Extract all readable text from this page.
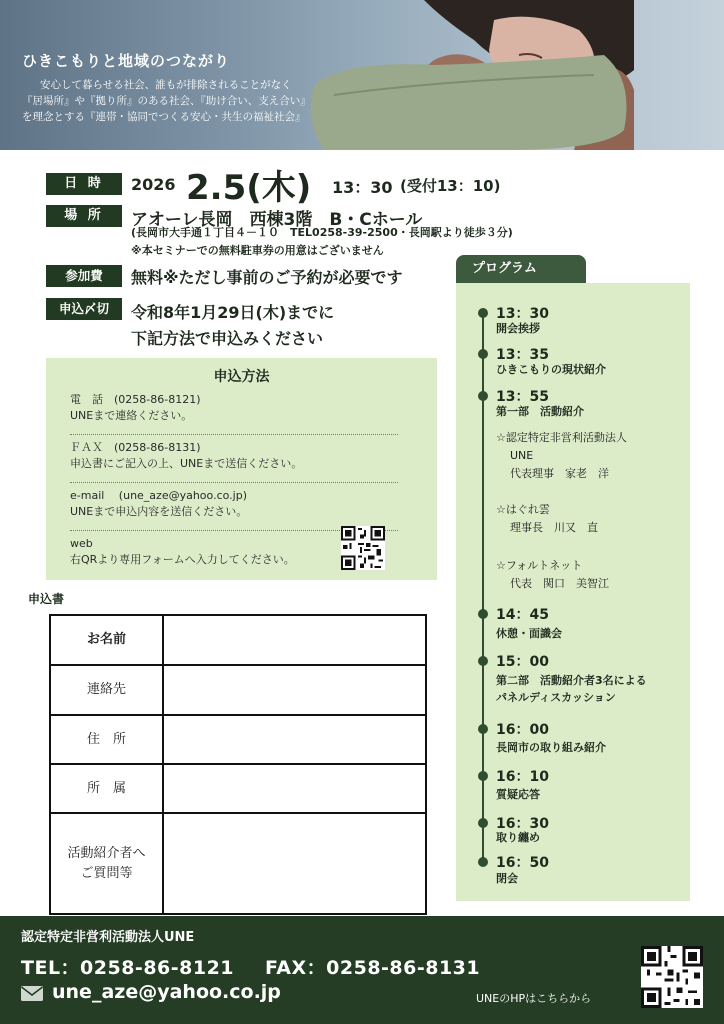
ひきこもりと地域のつながり
安心して暮らせる社会、誰もが排除されることがなく
『居場所』や『拠り所』のある社会、『助け合い、支え合い』
を理念とする『連帯・協同でつくる安心・共生の福祉社会』
日 時	2026 2.5(木) 13：30 (受付13：10)
場 所	アオーレ長岡　西棟3階　B・Cホール
(長岡市大手通１丁目４－１０　TEL0258-39-2500・長岡駅より徒歩３分)
※本セミナーでの無料駐車券の用意はございません
参加費	無料※ただし事前のご予約が必要です
申込〆切	令和8年1月29日(木)までに
下記方法で申込みください
申込方法
電　話　(0258-86-8121)
UNEまで連絡ください。
ＦＡＸ　(0258-86-8131)
申込書にご記入の上、UNEまで送信ください。
e-mail　 (une_aze@yahoo.co.jp)
UNEまで申込内容を送信ください。
web
右QRより専用フォームへ入力してください。
申込書
お名前
連絡先
住　所
所　属
活動紹介者へ
ご質問等
プログラム
13：30
開会挨拶
13：35
ひきこもりの現状紹介
13：55
第一部　活動紹介
☆認定特定非営利活動法人
UNE
代表理事　家老　洋
☆はぐれ雲
理事長　川又　直
☆フォルトネット
代表　関口　美智江
14：45
休憩・面識会
15：00
第二部　活動紹介者3名による
パネルディスカッション
16：00
長岡市の取り組み紹介
16：10
質疑応答
16：30
取り纏め
16：50
閉会
認定特定非営利活動法人UNE
TEL：0258-86-8121 FAX：0258-86-8131
une_aze@yahoo.co.jp	UNEのHPはこちらから
